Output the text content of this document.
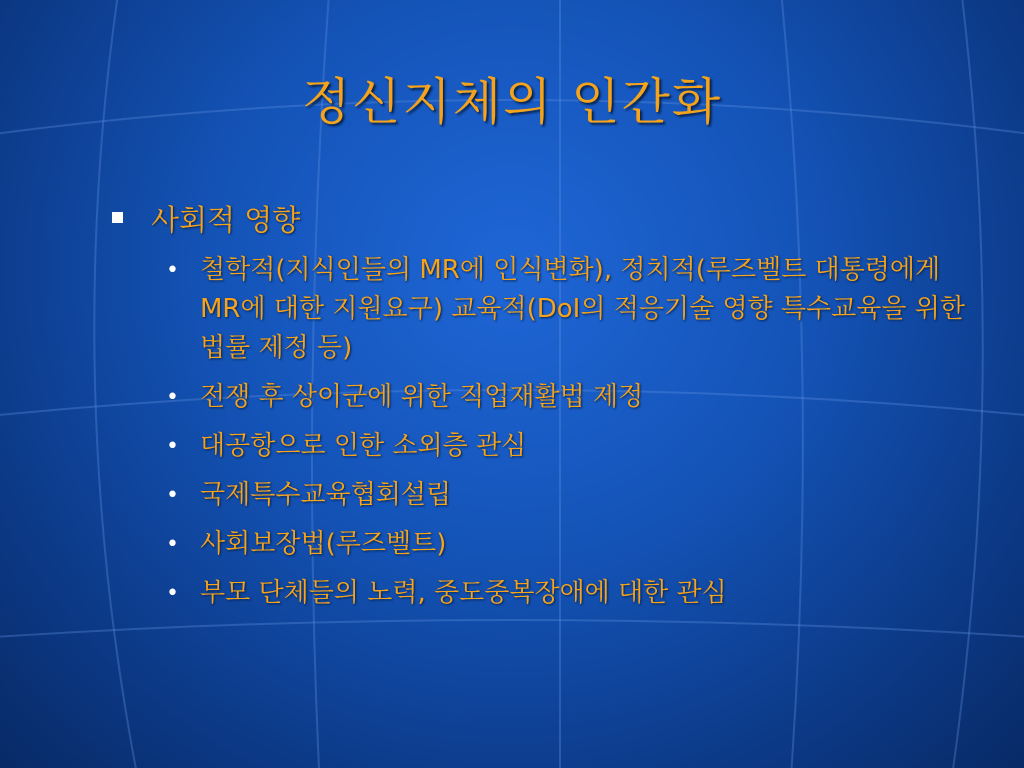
정신지체의 인간화
사회적 영향
• 철학적(지식인들의 MR에 인식변화), 정치적(루즈벨트 대통령에게 MR에 대한 지원요구) 교육적(DoI의 적응기술 영향 특수교육을 위한 법률 제정 등)
• 전쟁 후 상이군에 위한 직업재활법 제정
• 대공항으로 인한 소외층 관심
• 국제특수교육협회설립
• 사회보장법(루즈벨트)
• 부모 단체들의 노력, 중도중복장애에 대한 관심
